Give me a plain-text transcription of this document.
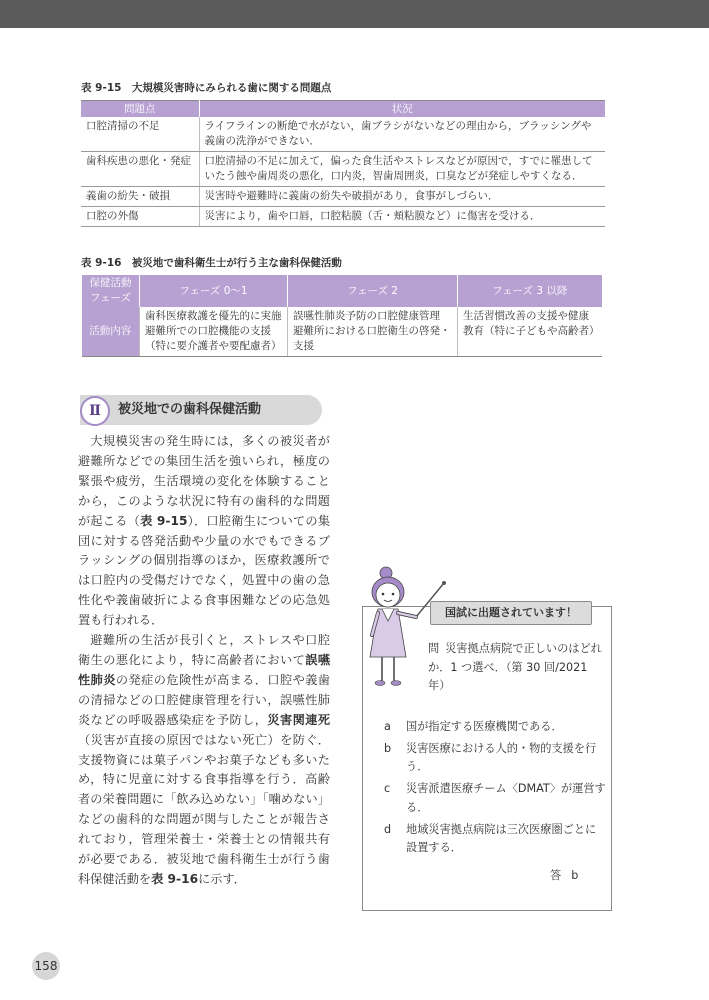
表 9-15　大規模災害時にみられる歯に関する問題点
問題点	状況
口腔清掃の不足	ライフラインの断絶で水がない，歯ブラシがないなどの理由から，ブラッシングや義歯の洗浄ができない．
歯科疾患の悪化・発症	口腔清掃の不足に加えて，偏った食生活やストレスなどが原因で，すでに罹患していたう蝕や歯周炎の悪化，口内炎，智歯周囲炎，口臭などが発症しやすくなる．
義歯の紛失・破損	災害時や避難時に義歯の紛失や破損があり，食事がしづらい．
口腔の外傷	災害により，歯や口唇，口腔粘膜（舌・頬粘膜など）に傷害を受ける．
表 9-16　被災地で歯科衛生士が行う主な歯科保健活動
保健活動フェーズ	フェーズ 0〜1	フェーズ 2	フェーズ 3 以降
活動内容	歯科医療救護を優先的に実施　避難所での口腔機能の支援（特に要介護者や要配慮者）	誤嚥性肺炎予防の口腔健康管理　避難所における口腔衛生の啓発・支援	生活習慣改善の支援や健康教育（特に子どもや高齢者）
Ⅱ	被災地での歯科保健活動

大規模災害の発生時には，多くの被災者が避難所などでの集団生活を強いられ，極度の緊張や疲労，生活環境の変化を体験することから，このような状況に特有の歯科的な問題が起こる（表 9-15）．口腔衛生についての集団に対する啓発活動や少量の水でもできるブラッシングの個別指導のほか，医療救護所では口腔内の受傷だけでなく，処置中の歯の急性化や義歯破折による食事困難などの応急処置も行われる．

避難所の生活が長引くと，ストレスや口腔衛生の悪化により，特に高齢者において誤嚥性肺炎の発症の危険性が高まる．口腔や義歯の清掃などの口腔健康管理を行い，誤嚥性肺炎などの呼吸器感染症を予防し，災害関連死（災害が直接の原因ではない死亡）を防ぐ．支援物資には菓子パンやお菓子なども多いため，特に児童に対する食事指導を行う．高齢者の栄養問題に「飲み込めない」「噛めない」などの歯科的な問題が関与したことが報告されており，管理栄養士・栄養士との情報共有が必要である．被災地で歯科衛生士が行う歯科保健活動を表 9-16に示す．

国試に出題されています！
問 災害拠点病院で正しいのはどれか．1 つ選べ．（第 30 回/2021 年）
a	国が指定する医療機関である．
b	災害医療における人的・物的支援を行う．
c	災害派遣医療チーム〈DMAT〉が運営する．
d	地域災害拠点病院は三次医療圏ごとに設置する．
答 b
158
